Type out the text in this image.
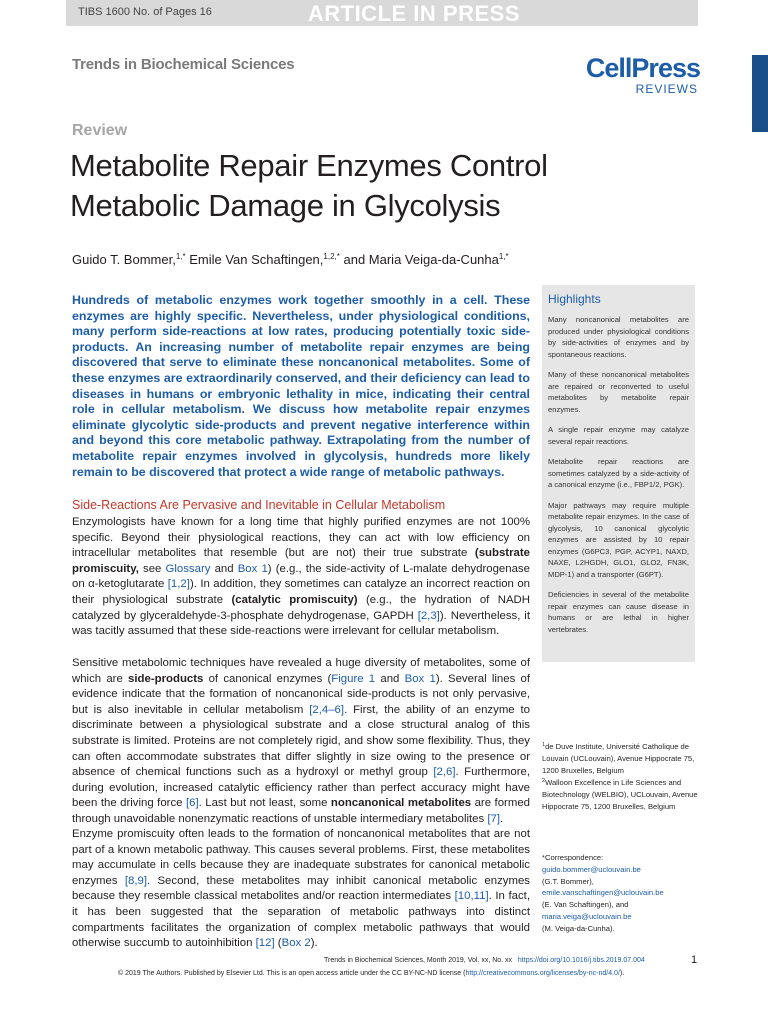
TIBS 1600 No. of Pages 16	ARTICLE IN PRESS
Trends in Biochemical Sciences	CellPress
REVIEWS
Review
Metabolite Repair Enzymes Control Metabolic Damage in Glycolysis
Guido T. Bommer,$^{1,*}$ Emile Van Schaftingen,$^{1,2,*}$ and Maria Veiga-da-Cunha$^{1,*}$
Hundreds of metabolic enzymes work together smoothly in a cell. These enzymes are highly specific. Nevertheless, under physiological conditions, many perform side-reactions at low rates, producing potentially toxic side-products. An increasing number of metabolite repair enzymes are being discovered that serve to eliminate these noncanonical metabolites. Some of these enzymes are extraordinarily conserved, and their deficiency can lead to diseases in humans or embryonic lethality in mice, indicating their central role in cellular metabolism. We discuss how metabolite repair enzymes eliminate glycolytic side-products and prevent negative interference within and beyond this core metabolic pathway. Extrapolating from the number of metabolite repair enzymes involved in glycolysis, hundreds more likely remain to be discovered that protect a wide range of metabolic pathways.
Side-Reactions Are Pervasive and Inevitable in Cellular Metabolism
Enzymologists have known for a long time that highly purified enzymes are not 100% specific. Beyond their physiological reactions, they can act with low efficiency on intracellular metabolites that resemble (but are not) their true substrate (substrate promiscuity, see Glossary and Box 1) (e.g., the side-activity of L-malate dehydrogenase on α-ketoglutarate [1,2]). In addition, they sometimes can catalyze an incorrect reaction on their physiological substrate (catalytic promiscuity) (e.g., the hydration of NADH catalyzed by glyceraldehyde-3-phosphate dehydrogenase, GAPDH [2,3]). Nevertheless, it was tacitly assumed that these side-reactions were irrelevant for cellular metabolism.
Sensitive metabolomic techniques have revealed a huge diversity of metabolites, some of which are side-products of canonical enzymes (Figure 1 and Box 1). Several lines of evidence indicate that the formation of noncanonical side-products is not only pervasive, but is also inevitable in cellular metabolism [2,4–6]. First, the ability of an enzyme to discriminate between a physiological substrate and a close structural analog of this substrate is limited. Proteins are not completely rigid, and show some flexibility. Thus, they can often accommodate substrates that differ slightly in size owing to the presence or absence of chemical functions such as a hydroxyl or methyl group [2,6]. Furthermore, during evolution, increased catalytic efficiency rather than perfect accuracy might have been the driving force [6]. Last but not least, some noncanonical metabolites are formed through unavoidable nonenzymatic reactions of unstable intermediary metabolites [7].
Enzyme promiscuity often leads to the formation of noncanonical metabolites that are not part of a known metabolic pathway. This causes several problems. First, these metabolites may accumulate in cells because they are inadequate substrates for canonical metabolic enzymes [8,9]. Second, these metabolites may inhibit canonical metabolic enzymes because they resemble classical metabolites and/or reaction intermediates [10,11]. In fact, it has been suggested that the separation of metabolic pathways into distinct compartments facilitates the organization of complex metabolic pathways that would otherwise succumb to autoinhibition [12] (Box 2).
Highlights

Many noncanonical metabolites are produced under physiological conditions by side-activities of enzymes and by spontaneous reactions.

Many of these noncanonical metabolites are repaired or reconverted to useful metabolites by metabolite repair enzymes.

A single repair enzyme may catalyze several repair reactions.

Metabolite repair reactions are sometimes catalyzed by a side-activity of a canonical enzyme (i.e., FBP1/2, PGK).

Major pathways may require multiple metabolite repair enzymes. In the case of glycolysis, 10 canonical glycolytic enzymes are assisted by 10 repair enzymes (G6PC3, PGP, ACYP1, NAXD, NAXE, L2HGDH, GLO1, GLO2, FN3K, MDP-1) and a transporter (G6PT).

Deficiencies in several of the metabolite repair enzymes can cause disease in humans or are lethal in higher vertebrates.

$^1$de Duve Institute, Université Catholique de Louvain (UCLouvain), Avenue Hippocrate 75, 1200 Bruxelles, Belgium
$^2$Walloon Excellence in Life Sciences and Biotechnology (WELBIO), UCLouvain, Avenue Hippocrate 75, 1200 Bruxelles, Belgium
*Correspondence:
guido.bommer@uclouvain.be
(G.T. Bommer),
emile.vanschaftingen@uclouvain.be
(E. Van Schaftingen), and
maria.veiga@uclouvain.be
(M. Veiga-da-Cunha).
Trends in Biochemical Sciences, Month 2019, Vol. xx, No. xx https://doi.org/10.1016/j.tibs.2019.07.004	1
© 2019 The Authors. Published by Elsevier Ltd. This is an open access article under the CC BY-NC-ND license (http://creativecommons.org/licenses/by-nc-nd/4.0/).
